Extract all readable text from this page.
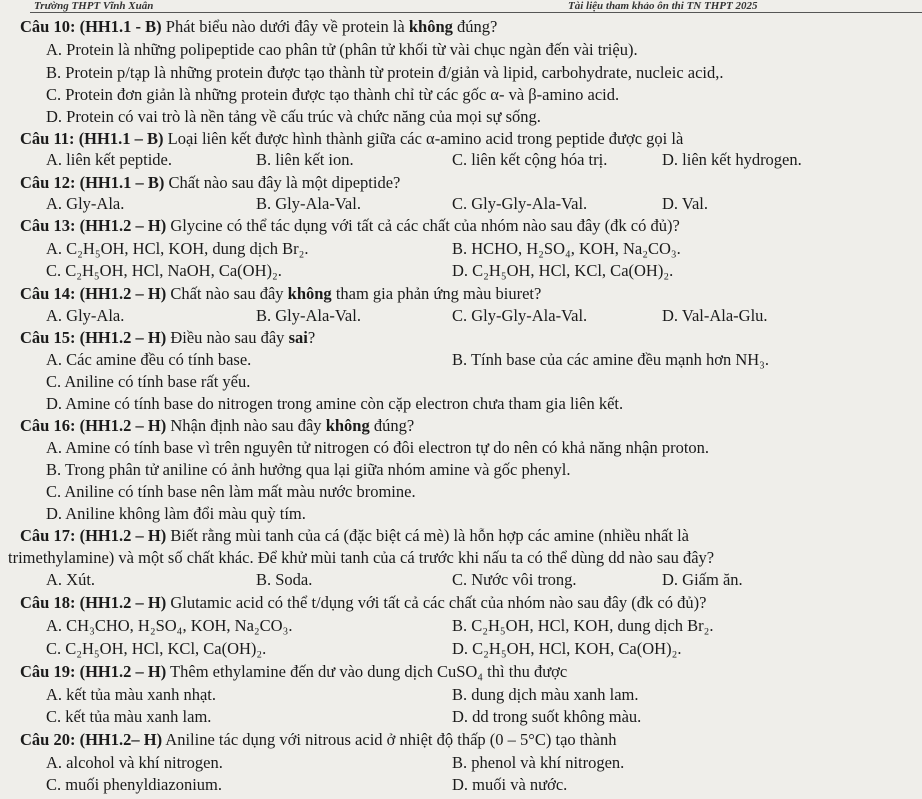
Trường THPT Vĩnh Xuân	Tài liệu tham khảo ôn thi TN THPT 2025
Câu 10: (HH1.1 - B) Phát biểu nào dưới đây về protein là không đúng?
A. Protein là những polipeptide cao phân tử (phân tử khối từ vài chục ngàn đến vài triệu).
B. Protein p/tạp là những protein được tạo thành từ protein đ/giản và lipid, carbohydrate, nucleic acid,.
C. Protein đơn giản là những protein được tạo thành chỉ từ các gốc α- và β-amino acid.
D. Protein có vai trò là nền tảng về cấu trúc và chức năng của mọi sự sống.
Câu 11: (HH1.1 – B) Loại liên kết được hình thành giữa các α-amino acid trong peptide được gọi là
A. liên kết peptide.	B. liên kết ion.	C. liên kết cộng hóa trị.	D. liên kết hydrogen.
Câu 12: (HH1.1 – B) Chất nào sau đây là một dipeptide?
A. Gly-Ala.	B. Gly-Ala-Val.	C. Gly-Gly-Ala-Val.	D. Val.
Câu 13: (HH1.2 – H) Glycine có thể tác dụng với tất cả các chất của nhóm nào sau đây (đk có đủ)?
A. C₂H₅OH, HCl, KOH, dung dịch Br₂.	B. HCHO, H₂SO₄, KOH, Na₂CO₃.
C. C₂H₅OH, HCl, NaOH, Ca(OH)₂.	D. C₂H₅OH, HCl, KCl, Ca(OH)₂.
Câu 14: (HH1.2 – H) Chất nào sau đây không tham gia phản ứng màu biuret?
A. Gly-Ala.	B. Gly-Ala-Val.	C. Gly-Gly-Ala-Val.	D. Val-Ala-Glu.
Câu 15: (HH1.2 – H) Điều nào sau đây sai?
A. Các amine đều có tính base.	B. Tính base của các amine đều mạnh hơn NH₃.
C. Aniline có tính base rất yếu.
D. Amine có tính base do nitrogen trong amine còn cặp electron chưa tham gia liên kết.
Câu 16: (HH1.2 – H) Nhận định nào sau đây không đúng?
A. Amine có tính base vì trên nguyên tử nitrogen có đôi electron tự do nên có khả năng nhận proton.
B. Trong phân tử aniline có ảnh hưởng qua lại giữa nhóm amine và gốc phenyl.
C. Aniline có tính base nên làm mất màu nước bromine.
D. Aniline không làm đổi màu quỳ tím.
Câu 17: (HH1.2 – H) Biết rằng mùi tanh của cá (đặc biệt cá mè) là hỗn hợp các amine (nhiều nhất là
trimethylamine) và một số chất khác. Để khử mùi tanh của cá trước khi nấu ta có thể dùng dd nào sau đây?
A. Xút.	B. Soda.	C. Nước vôi trong.	D. Giấm ăn.
Câu 18: (HH1.2 – H) Glutamic acid có thể t/dụng với tất cả các chất của nhóm nào sau đây (đk có đủ)?
A. CH₃CHO, H₂SO₄, KOH, Na₂CO₃.	B. C₂H₅OH, HCl, KOH, dung dịch Br₂.
C. C₂H₅OH, HCl, KCl, Ca(OH)₂.	D. C₂H₅OH, HCl, KOH, Ca(OH)₂.
Câu 19: (HH1.2 – H) Thêm ethylamine đến dư vào dung dịch CuSO₄ thì thu được
A. kết tủa màu xanh nhạt.	B. dung dịch màu xanh lam.
C. kết tủa màu xanh lam.	D. dd trong suốt không màu.
Câu 20: (HH1.2– H) Aniline tác dụng với nitrous acid ở nhiệt độ thấp (0 – 5°C) tạo thành
A. alcohol và khí nitrogen.	B. phenol và khí nitrogen.
C. muối phenyldiazonium.	D. muối và nước.
